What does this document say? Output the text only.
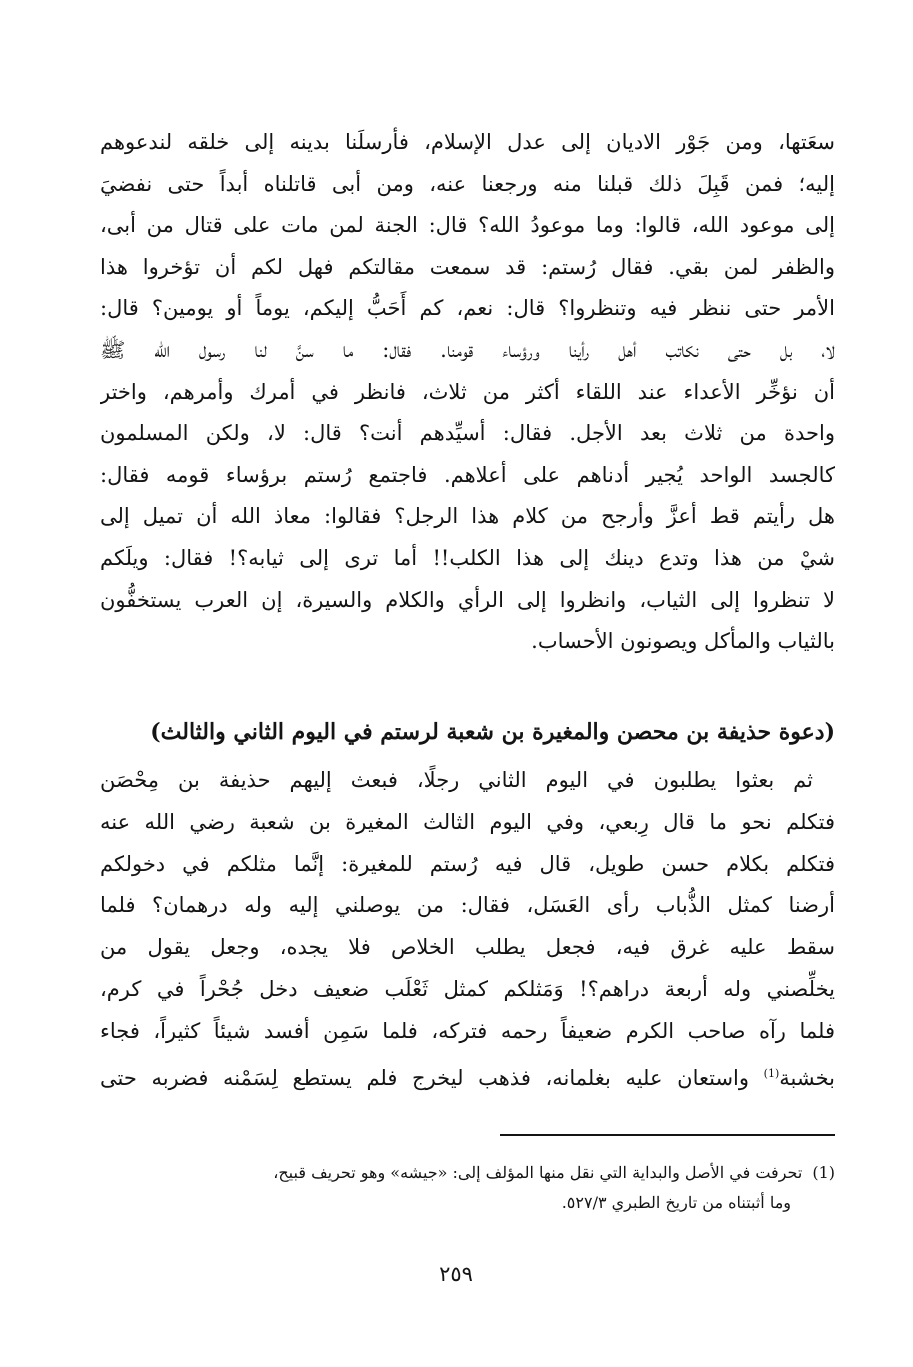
سعَتها، ومن جَوْر الاديان إلى عدل الإسلام، فأرسلَنا بدينه إلى خلقه لندعوهم
إليه؛ فمن قَبِلَ ذلك قبلنا منه ورجعنا عنه، ومن أبى قاتلناه أبداً حتى نفضيَ
إلى موعود الله، قالوا: وما موعودُ الله؟ قال: الجنة لمن مات على قتال من أبى،
والظفر لمن بقي. فقال رُستم: قد سمعت مقالتكم فهل لكم أن تؤخروا هذا
الأمر حتى ننظر فيه وتنظروا؟ قال: نعم، كم أَحَبُّ إليكم، يوماً أو يومين؟ قال:
لا، بل حتى نكاتب أهل رأينا ورؤساء قومنا. فقال: ما سنَّ لنا رسول الله ﷺ
أن نؤخِّر الأعداء عند اللقاء أكثر من ثلاث، فانظر في أمرك وأمرهم، واختر
واحدة من ثلاث بعد الأجل. فقال: أسيِّدهم أنت؟ قال: لا، ولكن المسلمون
كالجسد الواحد يُجير أدناهم على أعلاهم. فاجتمع رُستم برؤساء قومه فقال:
هل رأيتم قط أعزَّ وأرجح من كلام هذا الرجل؟ فقالوا: معاذ الله أن تميل إلى
شيْ من هذا وتدع دينك إلى هذا الكلب!! أما ترى إلى ثيابه؟! فقال: ويلَكم
لا تنظروا إلى الثياب، وانظروا إلى الرأي والكلام والسيرة، إن العرب يستخفُّون
بالثياب والمأكل ويصونون الأحساب.
(دعوة حذيفة بن محصن والمغيرة بن شعبة لرستم في اليوم الثاني والثالث)
ثم بعثوا يطلبون في اليوم الثاني رجلًا، فبعث إليهم حذيفة بن مِحْصَن
فتكلم نحو ما قال رِبعي، وفي اليوم الثالث المغيرة بن شعبة رضي الله عنه
فتكلم بكلام حسن طويل، قال فيه رُستم للمغيرة: إنَّما مثلكم في دخولكم
أرضنا كمثل الذُّباب رأى العَسَل، فقال: من يوصلني إليه وله درهمان؟ فلما
سقط عليه غرق فيه، فجعل يطلب الخلاص فلا يجده، وجعل يقول من
يخلِّصني وله أربعة دراهم؟! وَمَثلكم كمثل ثَعْلَب ضعيف دخل جُحْراً في كرم،
فلما رآه صاحب الكرم ضعيفاً رحمه فتركه، فلما سَمِن أفسد شيئاً كثيراً، فجاء
بخشبة$^{(1)}$ واستعان عليه بغلمانه، فذهب ليخرج فلم يستطع لِسَمْنه فضربه حتى
(1)تحرفت في الأصل والبداية التي نقل منها المؤلف إلى: «جيشه» وهو تحريف قبيح،
وما أثبتناه من تاريخ الطبري ٥٢٧/٣.
٢٥٩
